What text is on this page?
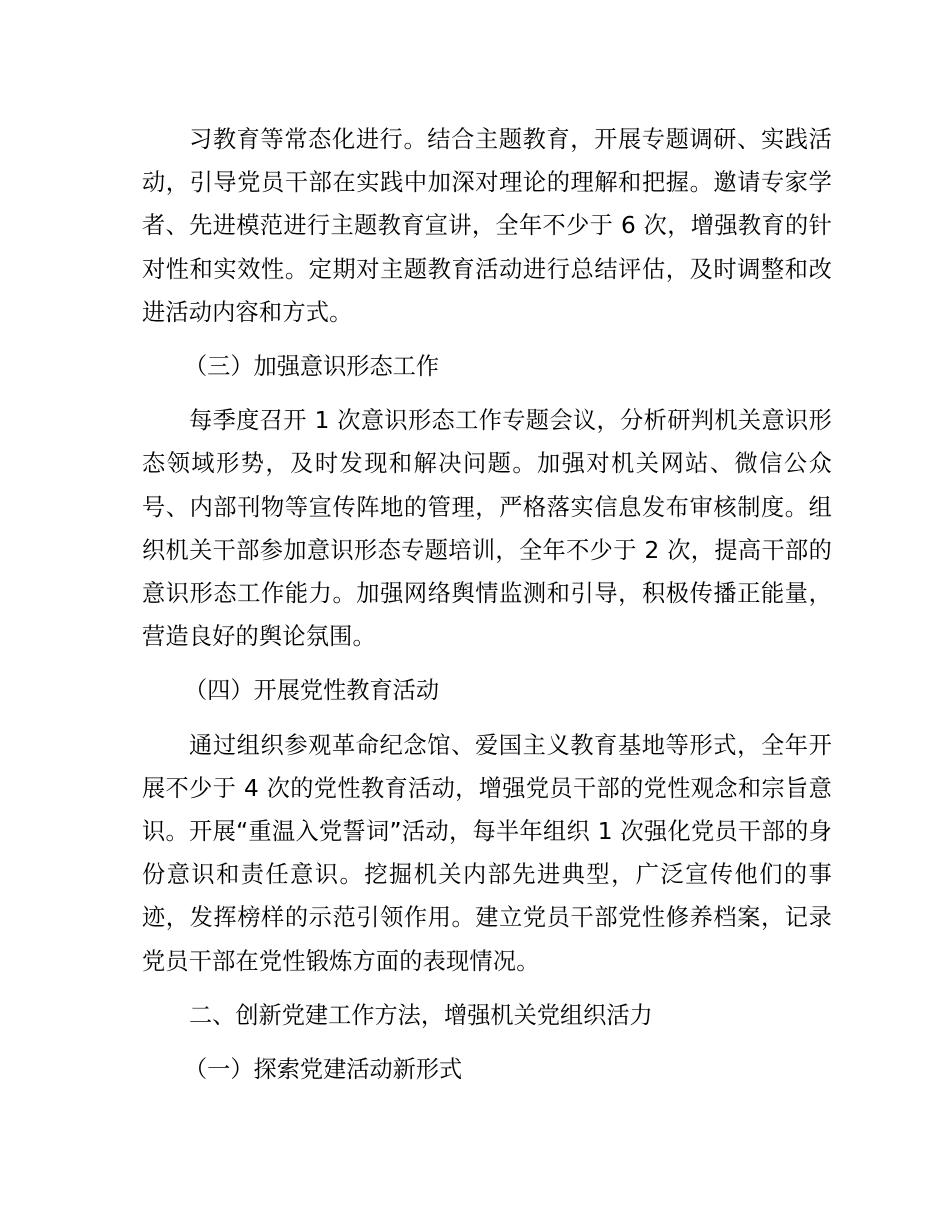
习教育等常态化进行。结合主题教育，开展专题调研、实践活动，引导党员干部在实践中加深对理论的理解和把握。邀请专家学者、先进模范进行主题教育宣讲，全年不少于 6 次，增强教育的针对性和实效性。定期对主题教育活动进行总结评估，及时调整和改进活动内容和方式。

（三）加强意识形态工作

每季度召开 1 次意识形态工作专题会议，分析研判机关意识形态领域形势，及时发现和解决问题。加强对机关网站、微信公众号、内部刊物等宣传阵地的管理，严格落实信息发布审核制度。组织机关干部参加意识形态专题培训，全年不少于 2 次，提高干部的意识形态工作能力。加强网络舆情监测和引导，积极传播正能量，营造良好的舆论氛围。

（四）开展党性教育活动

通过组织参观革命纪念馆、爱国主义教育基地等形式，全年开展不少于 4 次的党性教育活动，增强党员干部的党性观念和宗旨意识。开展“重温入党誓词”活动，每半年组织 1 次强化党员干部的身份意识和责任意识。挖掘机关内部先进典型，广泛宣传他们的事迹，发挥榜样的示范引领作用。建立党员干部党性修养档案，记录党员干部在党性锻炼方面的表现情况。

二、创新党建工作方法，增强机关党组织活力

（一）探索党建活动新形式
